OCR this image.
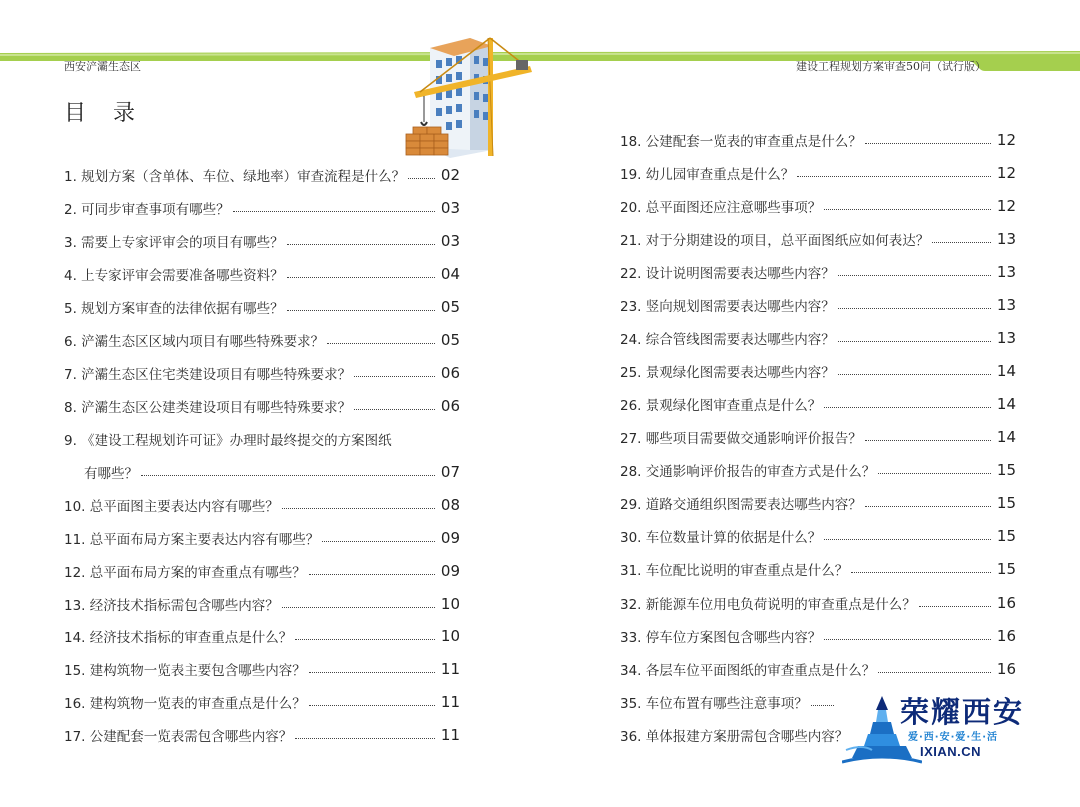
西安浐灞生态区	建设工程规划方案审查50问（试行版）
目 录
1. 规划方案（含单体、车位、绿地率）审查流程是什么？ 02
2. 可同步审查事项有哪些？	03
3. 需要上专家评审会的项目有哪些？	03
4. 上专家评审会需要准备哪些资料？	04
5. 规划方案审查的法律依据有哪些？	05
6. 浐灞生态区区域内项目有哪些特殊要求？	05
7. 浐灞生态区住宅类建设项目有哪些特殊要求？	06
8. 浐灞生态区公建类建设项目有哪些特殊要求？	06
9. 《建设工程规划许可证》办理时最终提交的方案图纸
有哪些？	07
10. 总平面图主要表达内容有哪些？	08
11. 总平面布局方案主要表达内容有哪些？	09
12. 总平面布局方案的审查重点有哪些？	09
13. 经济技术指标需包含哪些内容？	10
14. 经济技术指标的审查重点是什么？	10
15. 建构筑物一览表主要包含哪些内容？	11
16. 建构筑物一览表的审查重点是什么？	11
17. 公建配套一览表需包含哪些内容？	11
18. 公建配套一览表的审查重点是什么？	12
19. 幼儿园审查重点是什么？	12
20. 总平面图还应注意哪些事项？	12
21. 对于分期建设的项目，总平面图纸应如何表达？	13
22. 设计说明图需要表达哪些内容？	13
23. 竖向规划图需要表达哪些内容？	13
24. 综合管线图需要表达哪些内容？	13
25. 景观绿化图需要表达哪些内容？	14
26. 景观绿化图审查重点是什么？	14
27. 哪些项目需要做交通影响评价报告？	14
28. 交通影响评价报告的审查方式是什么？	15
29. 道路交通组织图需要表达哪些内容？	15
30. 车位数量计算的依据是什么？	15
31. 车位配比说明的审查重点是什么？	15
32. 新能源车位用电负荷说明的审查重点是什么？	16
33. 停车位方案图包含哪些内容？	16
34. 各层车位平面图纸的审查重点是什么？	16
35. 车位布置有哪些注意事项？
36. 单体报建方案册需包含哪些内容？
荣耀西安
爱·西·安·爱·生·活
IXIAN.CN
